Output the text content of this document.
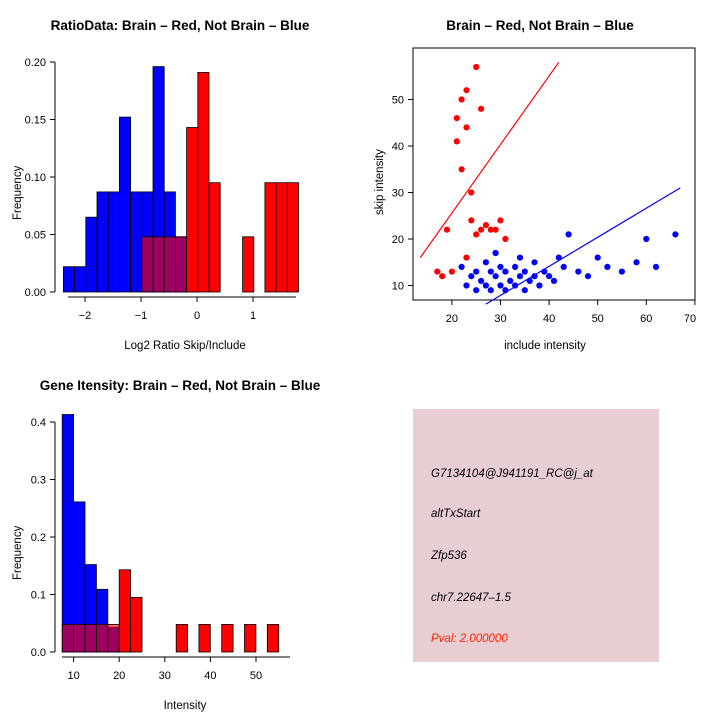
RatioData: Brain – Red, Not Brain – Blue
Frequency
Log2 Ratio Skip/Include
0.00
0.05
0.10
0.15
0.20
−2	−1	0	1
Brain – Red, Not Brain – Blue
skip intensity
include intensity
10
20
30
40
50
20	30	40	50	60	70
Gene Itensity: Brain – Red, Not Brain – Blue
Frequency
Intensity
0.0
0.1
0.2
0.3
0.4
10	20	30	40	50
G7134104@J941191_RC@j_at
altTxStart
Zfp536
chr7.22647–1.5
Pval: 2.000000
